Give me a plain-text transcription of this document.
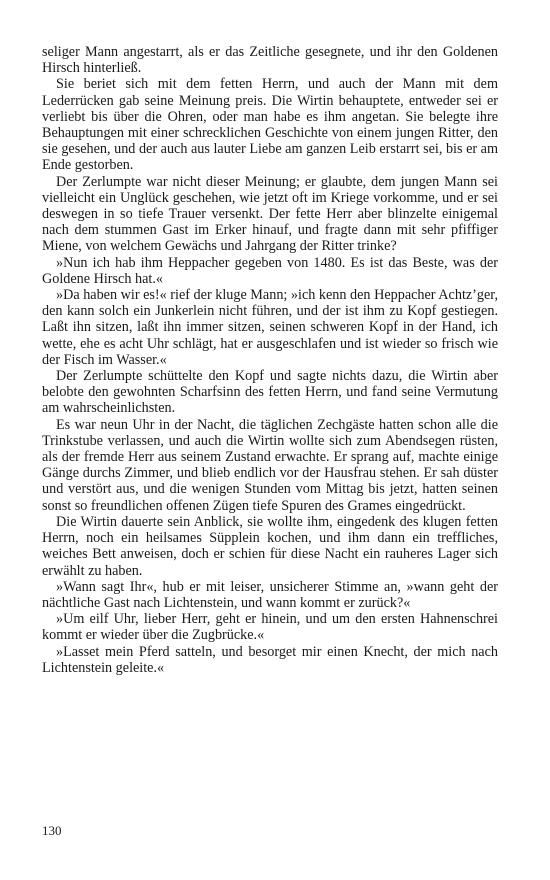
seliger Mann angestarrt, als er das Zeitliche gesegnete, und ihr den Goldenen Hirsch hinterließ.

Sie beriet sich mit dem fetten Herrn, und auch der Mann mit dem Lederrücken gab seine Meinung preis. Die Wirtin behauptete, entweder sei er verliebt bis über die Ohren, oder man habe es ihm angetan. Sie belegte ihre Behauptungen mit einer schrecklichen Geschichte von einem jungen Ritter, den sie gesehen, und der auch aus lauter Liebe am ganzen Leib erstarrt sei, bis er am Ende gestorben.

Der Zerlumpte war nicht dieser Meinung; er glaubte, dem jungen Mann sei vielleicht ein Unglück geschehen, wie jetzt oft im Kriege vorkomme, und er sei deswegen in so tiefe Trauer versenkt. Der fette Herr aber blinzelte einigemal nach dem stummen Gast im Erker hinauf, und fragte dann mit sehr pfiffiger Miene, von welchem Gewächs und Jahrgang der Ritter trinke?

»Nun ich hab ihm Heppacher gegeben von 1480. Es ist das Beste, was der Goldene Hirsch hat.«

»Da haben wir es!« rief der kluge Mann; »ich kenn den Heppacher Achtz’ger, den kann solch ein Junkerlein nicht führen, und der ist ihm zu Kopf gestiegen. Laßt ihn sitzen, laßt ihn immer sitzen, seinen schweren Kopf in der Hand, ich wette, ehe es acht Uhr schlägt, hat er ausgeschlafen und ist wieder so frisch wie der Fisch im Wasser.«

Der Zerlumpte schüttelte den Kopf und sagte nichts dazu, die Wirtin aber belobte den gewohnten Scharfsinn des fetten Herrn, und fand seine Vermutung am wahrscheinlichsten.

Es war neun Uhr in der Nacht, die täglichen Zechgäste hatten schon alle die Trinkstube verlassen, und auch die Wirtin wollte sich zum Abendsegen rüsten, als der fremde Herr aus seinem Zustand erwachte. Er sprang auf, machte einige Gänge durchs Zimmer, und blieb endlich vor der Hausfrau stehen. Er sah düster und verstört aus, und die wenigen Stunden vom Mittag bis jetzt, hatten seinen sonst so freundlichen offenen Zügen tiefe Spuren des Grames eingedrückt.

Die Wirtin dauerte sein Anblick, sie wollte ihm, eingedenk des klugen fetten Herrn, noch ein heilsames Süpplein kochen, und ihm dann ein treffliches, weiches Bett anweisen, doch er schien für diese Nacht ein rauheres Lager sich erwählt zu haben.

»Wann sagt Ihr«, hub er mit leiser, unsicherer Stimme an, »wann geht der nächtliche Gast nach Lichtenstein, und wann kommt er zurück?«

»Um eilf Uhr, lieber Herr, geht er hinein, und um den ersten Hahnenschrei kommt er wieder über die Zugbrücke.«

»Lasset mein Pferd satteln, und besorget mir einen Knecht, der mich nach Lichtenstein geleite.«

130
